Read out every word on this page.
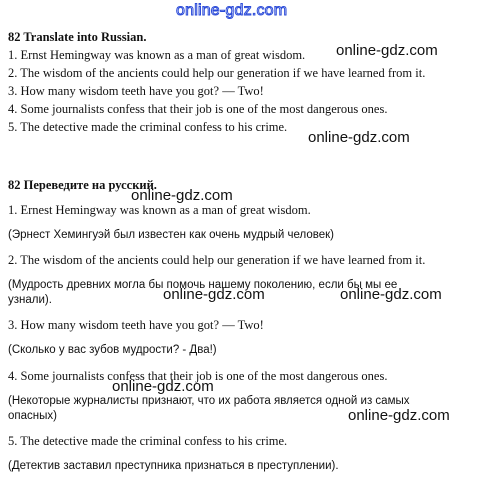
online-gdz.com
82 Translate into Russian.
1. Ernst Hemingway was known as a man of great wisdom.
2. The wisdom of the ancients could help our generation if we have learned from it.
3. How many wisdom teeth have you got? — Two!
4. Some journalists confess that their job is one of the most dangerous ones.
5. The detective made the criminal confess to his crime.
82 Переведите на русский.
1. Ernest Hemingway was known as a man of great wisdom.
(Эрнест Хемингуэй был известен как очень мудрый человек)
2. The wisdom of the ancients could help our generation if we have learned from it.
(Мудрость древних могла бы помочь нашему поколению, если бы мы ее
узнали).
3. How many wisdom teeth have you got? — Two!
(Сколько у вас зубов мудрости? - Два!)
4. Some journalists confess that their job is one of the most dangerous ones.
(Некоторые журналисты признают, что их работа является одной из самых
опасных)
5. The detective made the criminal confess to his crime.
(Детектив заставил преступника признаться в преступлении).
online-gdz.com
online-gdz.com
online-gdz.com
online-gdz.com	online-gdz.com
online-gdz.com
online-gdz.com
